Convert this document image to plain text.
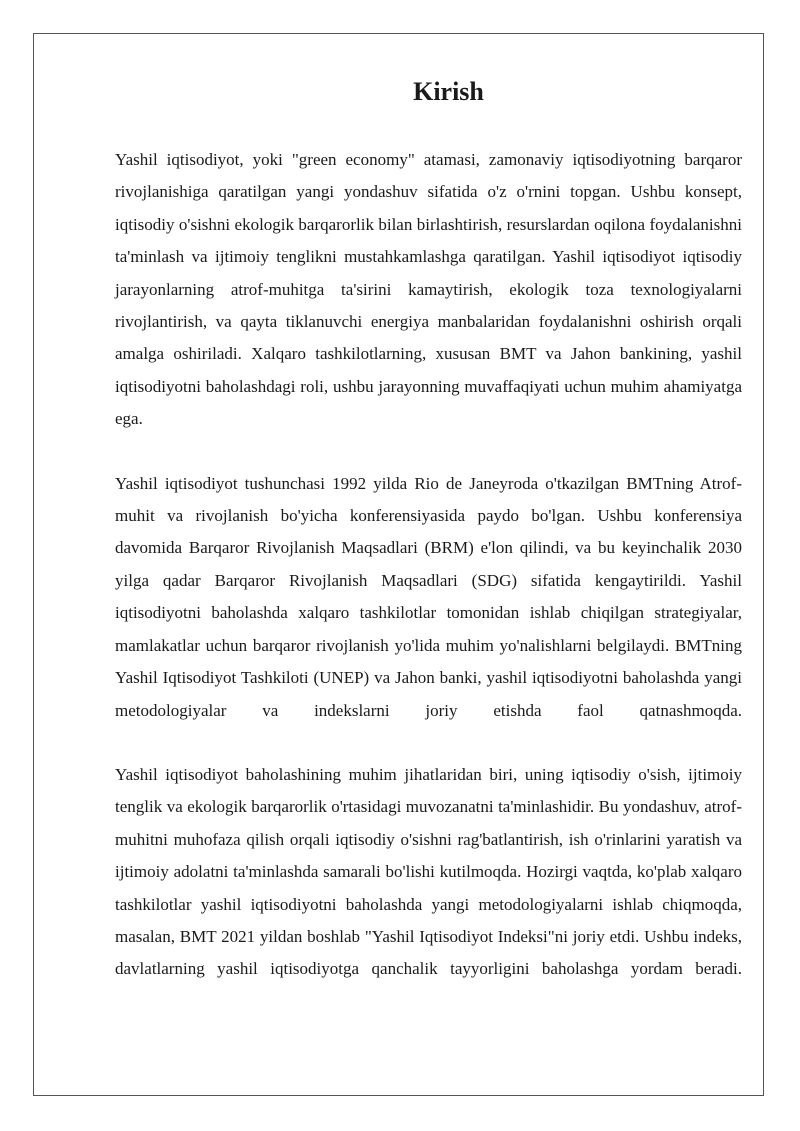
Kirish

Yashil iqtisodiyot, yoki "green economy" atamasi, zamonaviy iqtisodiyotning barqaror rivojlanishiga qaratilgan yangi yondashuv sifatida o'z o'rnini topgan. Ushbu konsept, iqtisodiy o'sishni ekologik barqarorlik bilan birlashtirish, resurslardan oqilona foydalanishni ta'minlash va ijtimoiy tenglikni mustahkamlashga qaratilgan. Yashil iqtisodiyot iqtisodiy jarayonlarning atrof-muhitga ta'sirini kamaytirish, ekologik toza texnologiyalarni rivojlantirish, va qayta tiklanuvchi energiya manbalaridan foydalanishni oshirish orqali amalga oshiriladi. Xalqaro tashkilotlarning, xususan BMT va Jahon bankining, yashil iqtisodiyotni baholashdagi roli, ushbu jarayonning muvaffaqiyati uchun muhim ahamiyatga ega.

Yashil iqtisodiyot tushunchasi 1992 yilda Rio de Janeyroda o'tkazilgan BMTning Atrof-muhit va rivojlanish bo'yicha konferensiyasida paydo bo'lgan. Ushbu konferensiya davomida Barqaror Rivojlanish Maqsadlari (BRM) e'lon qilindi, va bu keyinchalik 2030 yilga qadar Barqaror Rivojlanish Maqsadlari (SDG) sifatida kengaytirildi. Yashil iqtisodiyotni baholashda xalqaro tashkilotlar tomonidan ishlab chiqilgan strategiyalar, mamlakatlar uchun barqaror rivojlanish yo'lida muhim yo'nalishlarni belgilaydi. BMTning Yashil Iqtisodiyot Tashkiloti (UNEP) va Jahon banki, yashil iqtisodiyotni baholashda yangi metodologiyalar va indekslarni joriy etishda faol qatnashmoqda.

Yashil iqtisodiyot baholashining muhim jihatlaridan biri, uning iqtisodiy o'sish, ijtimoiy tenglik va ekologik barqarorlik o'rtasidagi muvozanatni ta'minlashidir. Bu yondashuv, atrof-muhitni muhofaza qilish orqali iqtisodiy o'sishni rag'batlantirish, ish o'rinlarini yaratish va ijtimoiy adolatni ta'minlashda samarali bo'lishi kutilmoqda. Hozirgi vaqtda, ko'plab xalqaro tashkilotlar yashil iqtisodiyotni baholashda yangi metodologiyalarni ishlab chiqmoqda, masalan, BMT 2021 yildan boshlab "Yashil Iqtisodiyot Indeksi"ni joriy etdi. Ushbu indeks, davlatlarning yashil iqtisodiyotga qanchalik tayyorligini baholashga yordam beradi.
